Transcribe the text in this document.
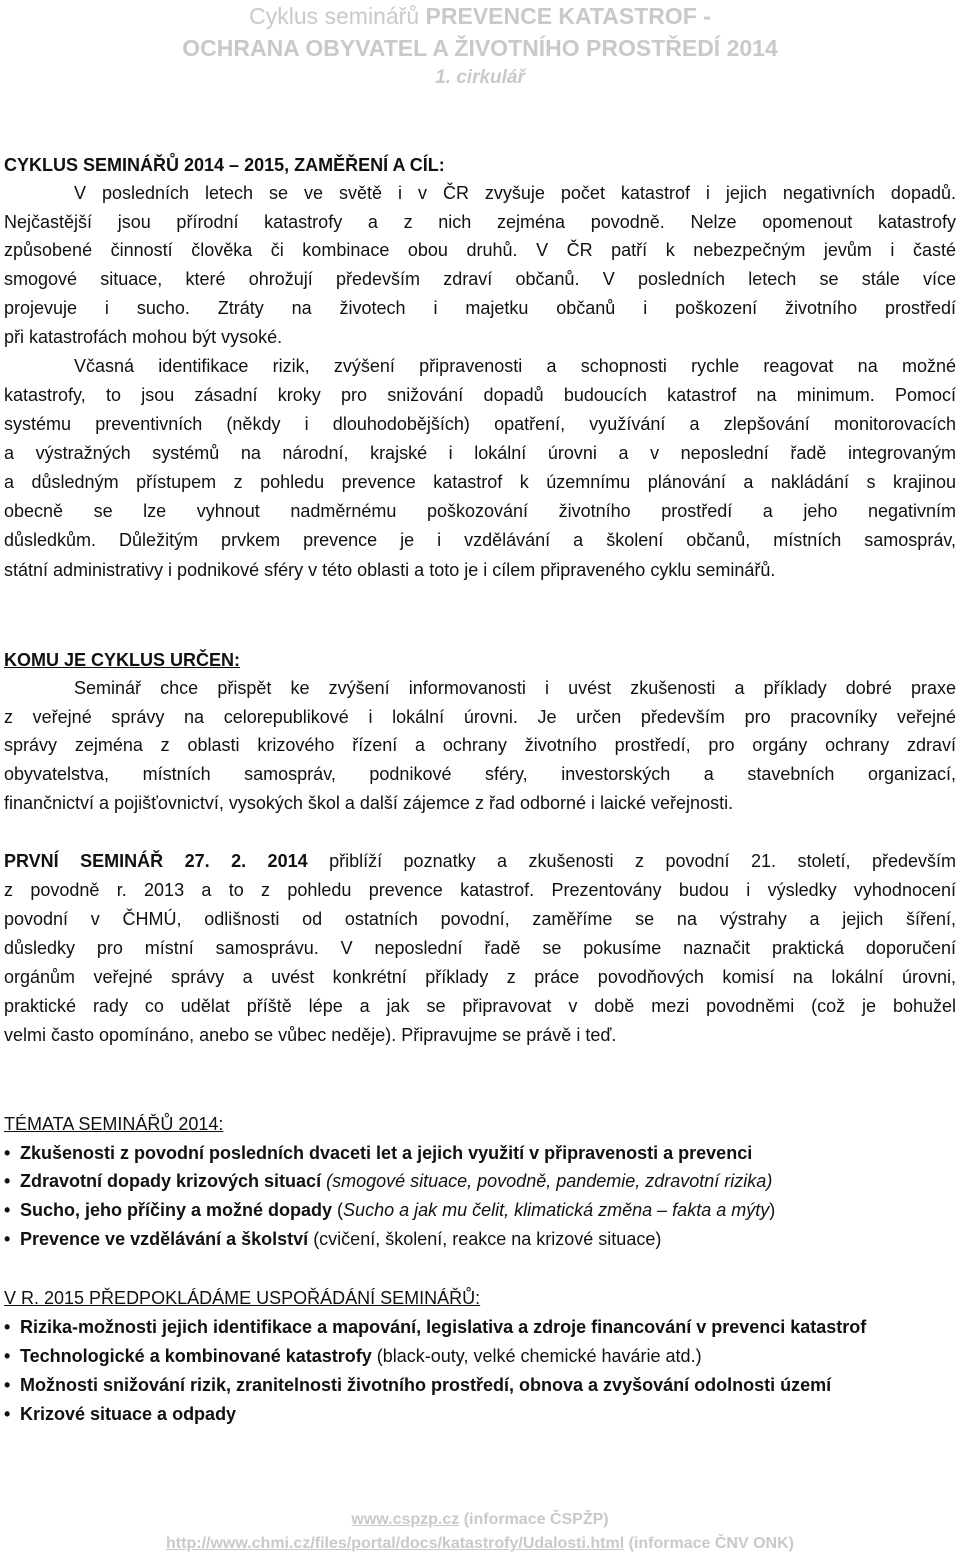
Cyklus seminářů PREVENCE KATASTROF -
OCHRANA OBYVATEL A ŽIVOTNÍHO PROSTŘEDÍ 2014
1. cirkulář
CYKLUS SEMINÁŘŮ 2014 – 2015, ZAMĚŘENÍ A CÍL:
V posledních letech se ve světě i v ČR zvyšuje počet katastrof i jejich negativních dopadů.
Nejčastější jsou přírodní katastrofy a z nich zejména povodně. Nelze opomenout katastrofy
způsobené činností člověka či kombinace obou druhů. V ČR patří k nebezpečným jevům i časté
smogové situace, které ohrožují především zdraví občanů. V posledních letech se stále více
projevuje i sucho. Ztráty na životech i majetku občanů i poškození životního prostředí
při katastrofách mohou být vysoké.
Včasná identifikace rizik, zvýšení připravenosti a schopnosti rychle reagovat na možné
katastrofy, to jsou zásadní kroky pro snižování dopadů budoucích katastrof na minimum. Pomocí
systému preventivních (někdy i dlouhodobějších) opatření, využívání a zlepšování monitorovacích
a výstražných systémů na národní, krajské i lokální úrovni a v neposlední řadě integrovaným
a důsledným přístupem z pohledu prevence katastrof k územnímu plánování a nakládání s krajinou
obecně se lze vyhnout nadměrnému poškozování životního prostředí a jeho negativním
důsledkům. Důležitým prvkem prevence je i vzdělávání a školení občanů, místních samospráv,
státní administrativy i podnikové sféry v této oblasti a toto je i cílem připraveného cyklu seminářů.
KOMU JE CYKLUS URČEN:
Seminář chce přispět ke zvýšení informovanosti i uvést zkušenosti a příklady dobré praxe
z veřejné správy na celorepublikové i lokální úrovni. Je určen především pro pracovníky veřejné
správy zejména z oblasti krizového řízení a ochrany životního prostředí, pro orgány ochrany zdraví
obyvatelstva, místních samospráv, podnikové sféry, investorských a stavebních organizací,
finančnictví a pojišťovnictví, vysokých škol a další zájemce z řad odborné i laické veřejnosti.
PRVNÍ SEMINÁŘ 27. 2. 2014 přiblíží poznatky a zkušenosti z povodní 21. století, především
z povodně r. 2013 a to z pohledu prevence katastrof. Prezentovány budou i výsledky vyhodnocení
povodní v ČHMÚ, odlišnosti od ostatních povodní, zaměříme se na výstrahy a jejich šíření,
důsledky pro místní samosprávu. V neposlední řadě se pokusíme naznačit praktická doporučení
orgánům veřejné správy a uvést konkrétní příklady z práce povodňových komisí na lokální úrovni,
praktické rady co udělat příště lépe a jak se připravovat v době mezi povodněmi (což je bohužel
velmi často opomínáno, anebo se vůbec neděje). Připravujme se právě i teď.
TÉMATA SEMINÁŘŮ 2014:
• Zkušenosti z povodní posledních dvaceti let a jejich využití v připravenosti a prevenci
• Zdravotní dopady krizových situací (smogové situace, povodně, pandemie, zdravotní rizika)
• Sucho, jeho příčiny a možné dopady (Sucho a jak mu čelit, klimatická změna – fakta a mýty)
• Prevence ve vzdělávání a školství (cvičení, školení, reakce na krizové situace)
V R. 2015 PŘEDPOKLÁDÁME USPOŘÁDÁNÍ SEMINÁŘŮ:
• Rizika-možnosti jejich identifikace a mapování, legislativa a zdroje financování v prevenci katastrof
• Technologické a kombinované katastrofy (black-outy, velké chemické havárie atd.)
• Možnosti snižování rizik, zranitelnosti životního prostředí, obnova a zvyšování odolnosti území
• Krizové situace a odpady
www.cspzp.cz (informace ČSPŽP)
http://www.chmi.cz/files/portal/docs/katastrofy/Udalosti.html (informace ČNV ONK)
